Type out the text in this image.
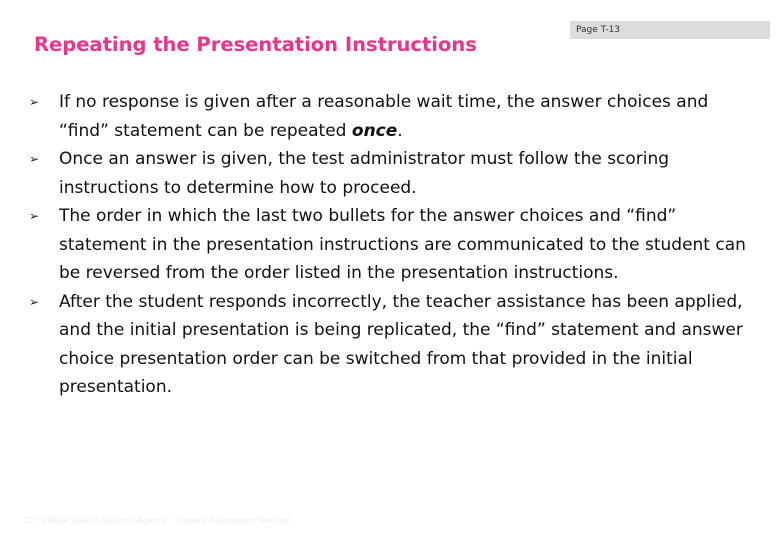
Page T-13
Repeating the Presentation Instructions
➢ If no response is given after a reasonable wait time, the answer choices and “find” statement can be repeated once.
➢ Once an answer is given, the test administrator must follow the scoring instructions to determine how to proceed.
➢ The order in which the last two bullets for the answer choices and “find” statement in the presentation instructions are communicated to the student can be reversed from the order listed in the presentation instructions.
➢ After the student responds incorrectly, the teacher assistance has been applied, and the initial presentation is being replicated, the “find” statement and answer choice presentation order can be switched from that provided in the initial presentation.
22 · STAAR Texas Education Agency · Student Assessment Division
